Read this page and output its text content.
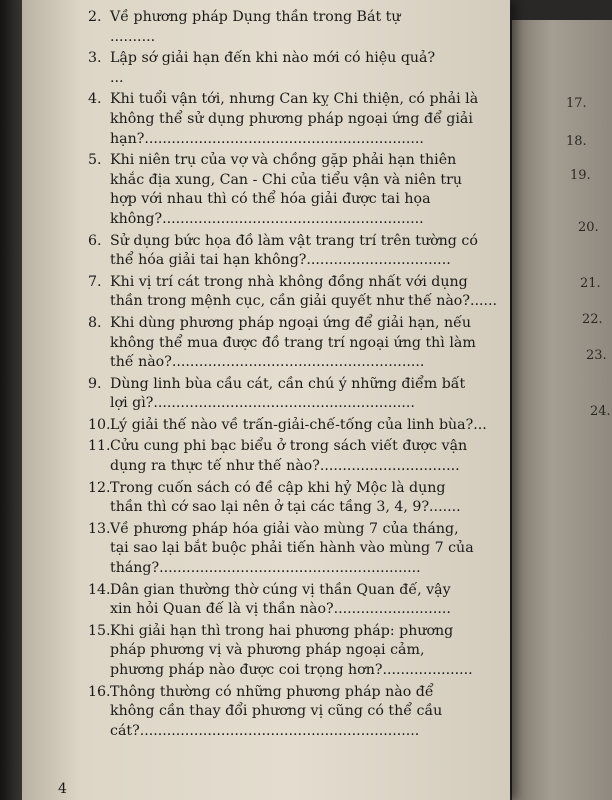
17.
18.
19.
20.
21.
22.
23.
24.
2. Về phương pháp Dụng thần trong Bát tự
..........
3. Lập sớ giải hạn đến khi nào mới có hiệu quả?
...
4. Khi tuổi vận tới, nhưng Can kỵ Chi thiện, có phải là
không thể sử dụng phương pháp ngoại ứng để giải
hạn?..............................................................
5. Khi niên trụ của vợ và chồng gặp phải hạn thiên
khắc địa xung, Can - Chi của tiểu vận và niên trụ
hợp với nhau thì có thể hóa giải được tai họa
không?..........................................................
6. Sử dụng bức họa đồ làm vật trang trí trên tường có
thể hóa giải tai hạn không?................................
7. Khi vị trí cát trong nhà không đồng nhất với dụng
thần trong mệnh cục, cần giải quyết như thế nào?......
8. Khi dùng phương pháp ngoại ứng để giải hạn, nếu
không thể mua được đồ trang trí ngoại ứng thì làm
thế nào?........................................................
9. Dùng linh bùa cầu cát, cần chú ý những điểm bất
lợi gì?..........................................................
10. Lý giải thế nào về trấn-giải-chế-tống của linh bùa?...
11. Cửu cung phi bạc biểu ở trong sách viết được vận
dụng ra thực tế như thế nào?...............................
12. Trong cuốn sách có đề cập khi hỷ Mộc là dụng
thần thì cớ sao lại nên ở tại các tầng 3, 4, 9?.......
13. Về phương pháp hóa giải vào mùng 7 của tháng,
tại sao lại bắt buộc phải tiến hành vào mùng 7 của
tháng?..........................................................
14. Dân gian thường thờ cúng vị thần Quan đế, vậy
xin hỏi Quan đế là vị thần nào?..........................
15. Khi giải hạn thì trong hai phương pháp: phương
pháp phương vị và phương pháp ngoại cảm,
phương pháp nào được coi trọng hơn?....................
16. Thông thường có những phương pháp nào để
không cần thay đổi phương vị cũng có thể cầu
cát?..............................................................
4
